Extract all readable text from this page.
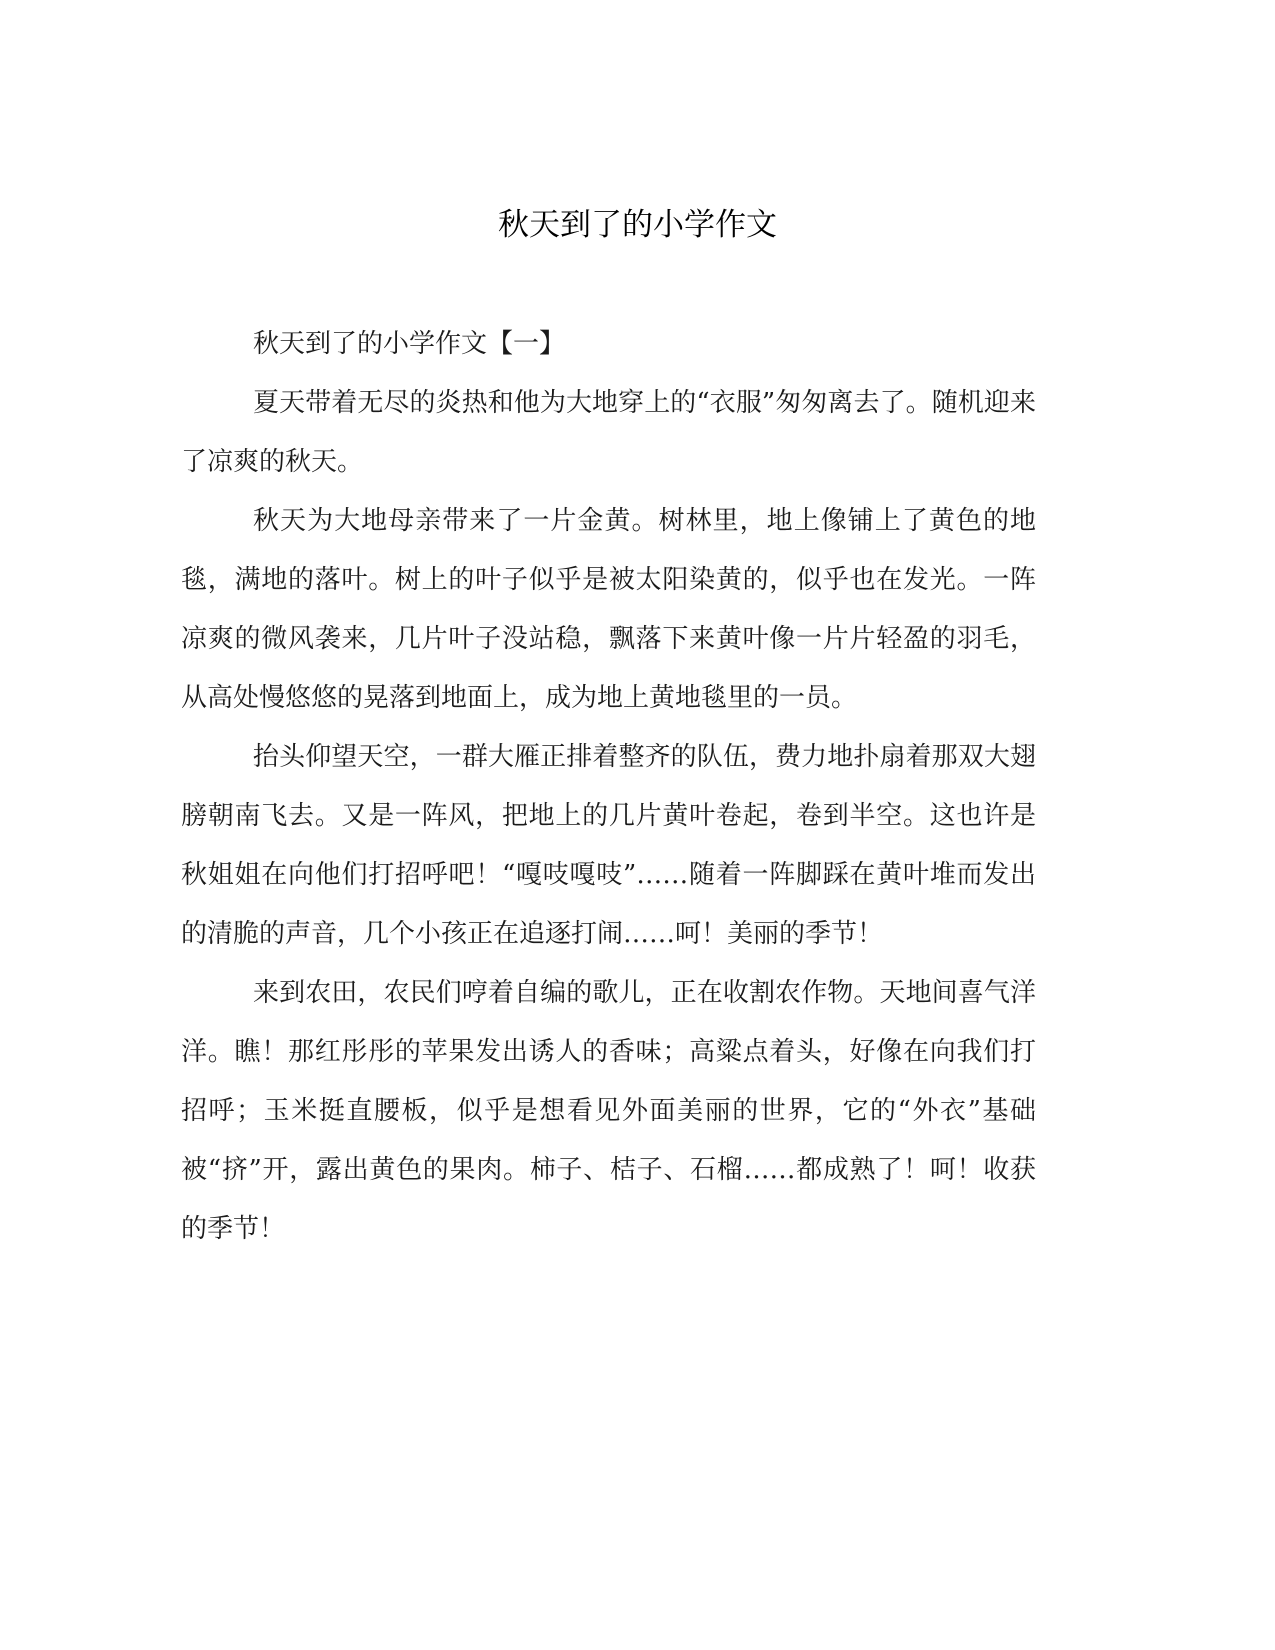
秋天到了的小学作文

秋天到了的小学作文【一】

夏天带着无尽的炎热和他为大地穿上的“衣服”匆匆离去了。随机迎来了凉爽的秋天。

秋天为大地母亲带来了一片金黄。树林里，地上像铺上了黄色的地毯，满地的落叶。树上的叶子似乎是被太阳染黄的，似乎也在发光。一阵凉爽的微风袭来，几片叶子没站稳，飘落下来黄叶像一片片轻盈的羽毛，从高处慢悠悠的晃落到地面上，成为地上黄地毯里的一员。

抬头仰望天空，一群大雁正排着整齐的队伍，费力地扑扇着那双大翅膀朝南飞去。又是一阵风，把地上的几片黄叶卷起，卷到半空。这也许是秋姐姐在向他们打招呼吧！“嘎吱嘎吱”……随着一阵脚踩在黄叶堆而发出的清脆的声音，几个小孩正在追逐打闹……呵！美丽的季节！

来到农田，农民们哼着自编的歌儿，正在收割农作物。天地间喜气洋洋。瞧！那红彤彤的苹果发出诱人的香味；高粱点着头，好像在向我们打招呼；玉米挺直腰板，似乎是想看见外面美丽的世界，它的“外衣”基础被“挤”开，露出黄色的果肉。柿子、桔子、石榴……都成熟了！呵！收获的季节！
